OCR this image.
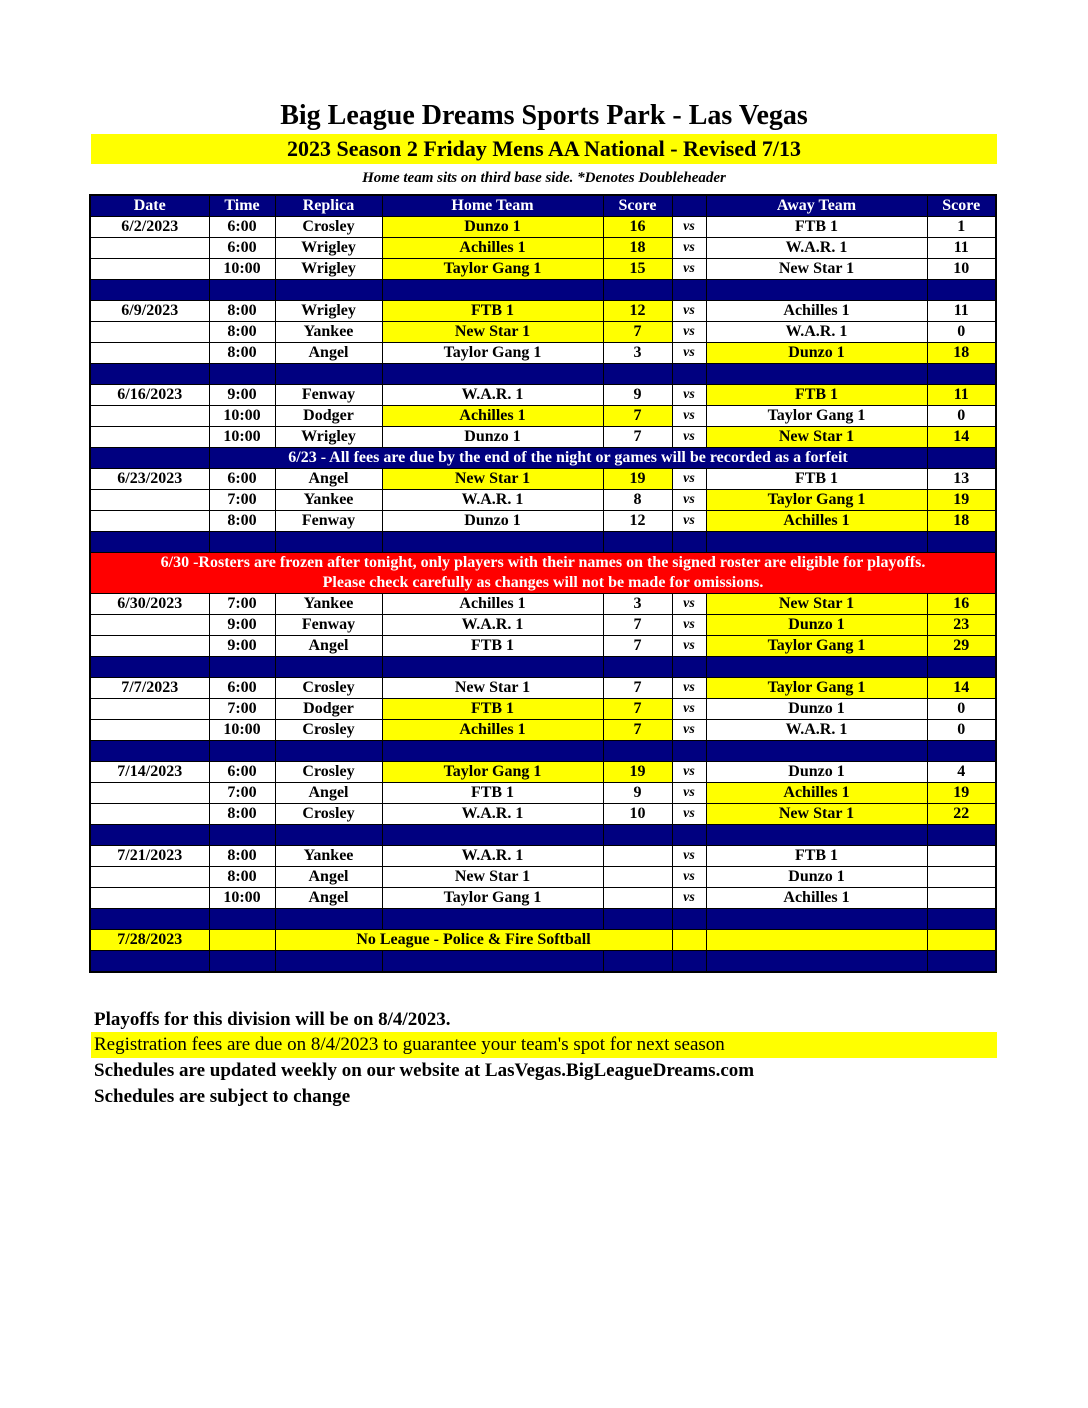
Big League Dreams Sports Park - Las Vegas
2023 Season 2 Friday Mens AA National - Revised 7/13
Home team sits on third base side. *Denotes Doubleheader
Date	Time	Replica	Home Team	Score		Away Team	Score
6/2/2023	6:00	Crosley	Dunzo 1	16	vs	FTB 1	1
	6:00	Wrigley	Achilles 1	18	vs	W.A.R. 1	11
	10:00	Wrigley	Taylor Gang 1	15	vs	New Star 1	10

6/9/2023	8:00	Wrigley	FTB 1	12	vs	Achilles 1	11
	8:00	Yankee	New Star 1	7	vs	W.A.R. 1	0
	8:00	Angel	Taylor Gang 1	3	vs	Dunzo 1	18

6/16/2023	9:00	Fenway	W.A.R. 1	9	vs	FTB 1	11
	10:00	Dodger	Achilles 1	7	vs	Taylor Gang 1	0
	10:00	Wrigley	Dunzo 1	7	vs	New Star 1	14
	6/23 - All fees are due by the end of the night or games will be recorded as a forfeit						
6/23/2023	6:00	Angel	New Star 1	19	vs	FTB 1	13
	7:00	Yankee	W.A.R. 1	8	vs	Taylor Gang 1	19
	8:00	Fenway	Dunzo 1	12	vs	Achilles 1	18

6/30 -Rosters are frozen after tonight, only players with their names on the signed roster are eligible for playoffs.
Please check carefully as changes will not be made for omissions.							

6/30/2023	7:00	Yankee	Achilles 1	3	vs	New Star 1	16
	9:00	Fenway	W.A.R. 1	7	vs	Dunzo 1	23
	9:00	Angel	FTB 1	7	vs	Taylor Gang 1	29

7/7/2023	6:00	Crosley	New Star 1	7	vs	Taylor Gang 1	14
	7:00	Dodger	FTB 1	7	vs	Dunzo 1	0
	10:00	Crosley	Achilles 1	7	vs	W.A.R. 1	0

7/14/2023	6:00	Crosley	Taylor Gang 1	19	vs	Dunzo 1	4
	7:00	Angel	FTB 1	9	vs	Achilles 1	19
	8:00	Crosley	W.A.R. 1	10	vs	New Star 1	22

7/21/2023	8:00	Yankee	W.A.R. 1		vs	FTB 1	
	8:00	Angel	New Star 1		vs	Dunzo 1	
	10:00	Angel	Taylor Gang 1		vs	Achilles 1	

7/28/2023		No League - Police & Fire Softball					

Playoffs for this division will be on 8/4/2023.
Registration fees are due on 8/4/2023 to guarantee your team's spot for next season
Schedules are updated weekly on our website at LasVegas.BigLeagueDreams.com
Schedules are subject to change
